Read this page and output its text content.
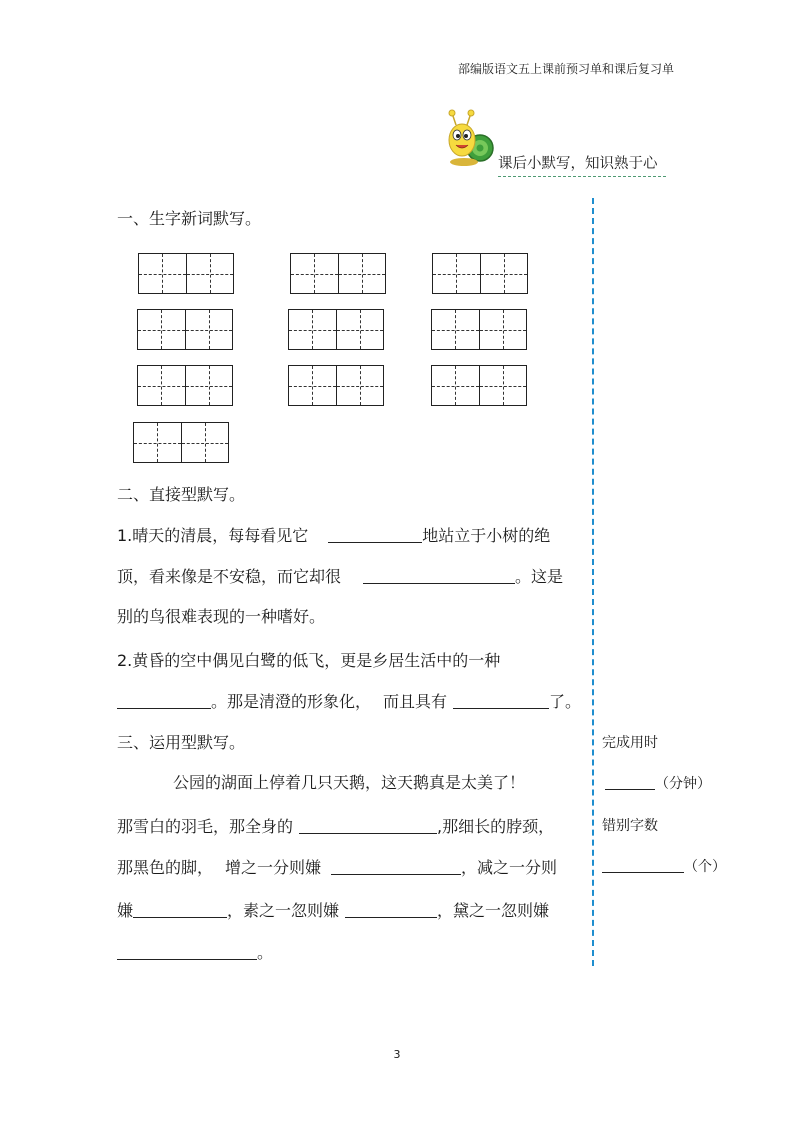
部编版语文五上课前预习单和课后复习单
课后小默写，知识熟于心
一、生字新词默写。
二、直接型默写。
1.晴天的清晨，每每看见它	地站立于小树的绝
顶，看来像是不安稳，而它却很	。这是
别的鸟很难表现的一种嗜好。
2.黄昏的空中偶见白鹭的低飞，更是乡居生活中的一种
。那是清澄的形象化， 而且具有	了。
三、运用型默写。
公园的湖面上停着几只天鹅，这天鹅真是太美了！
那雪白的羽毛，那全身的	,那细长的脖颈，
那黑色的脚， 增之一分则嫌	，减之一分则
嫌	，素之一忽则嫌	，黛之一忽则嫌
。
完成用时
（分钟）
错别字数
（个）
3
